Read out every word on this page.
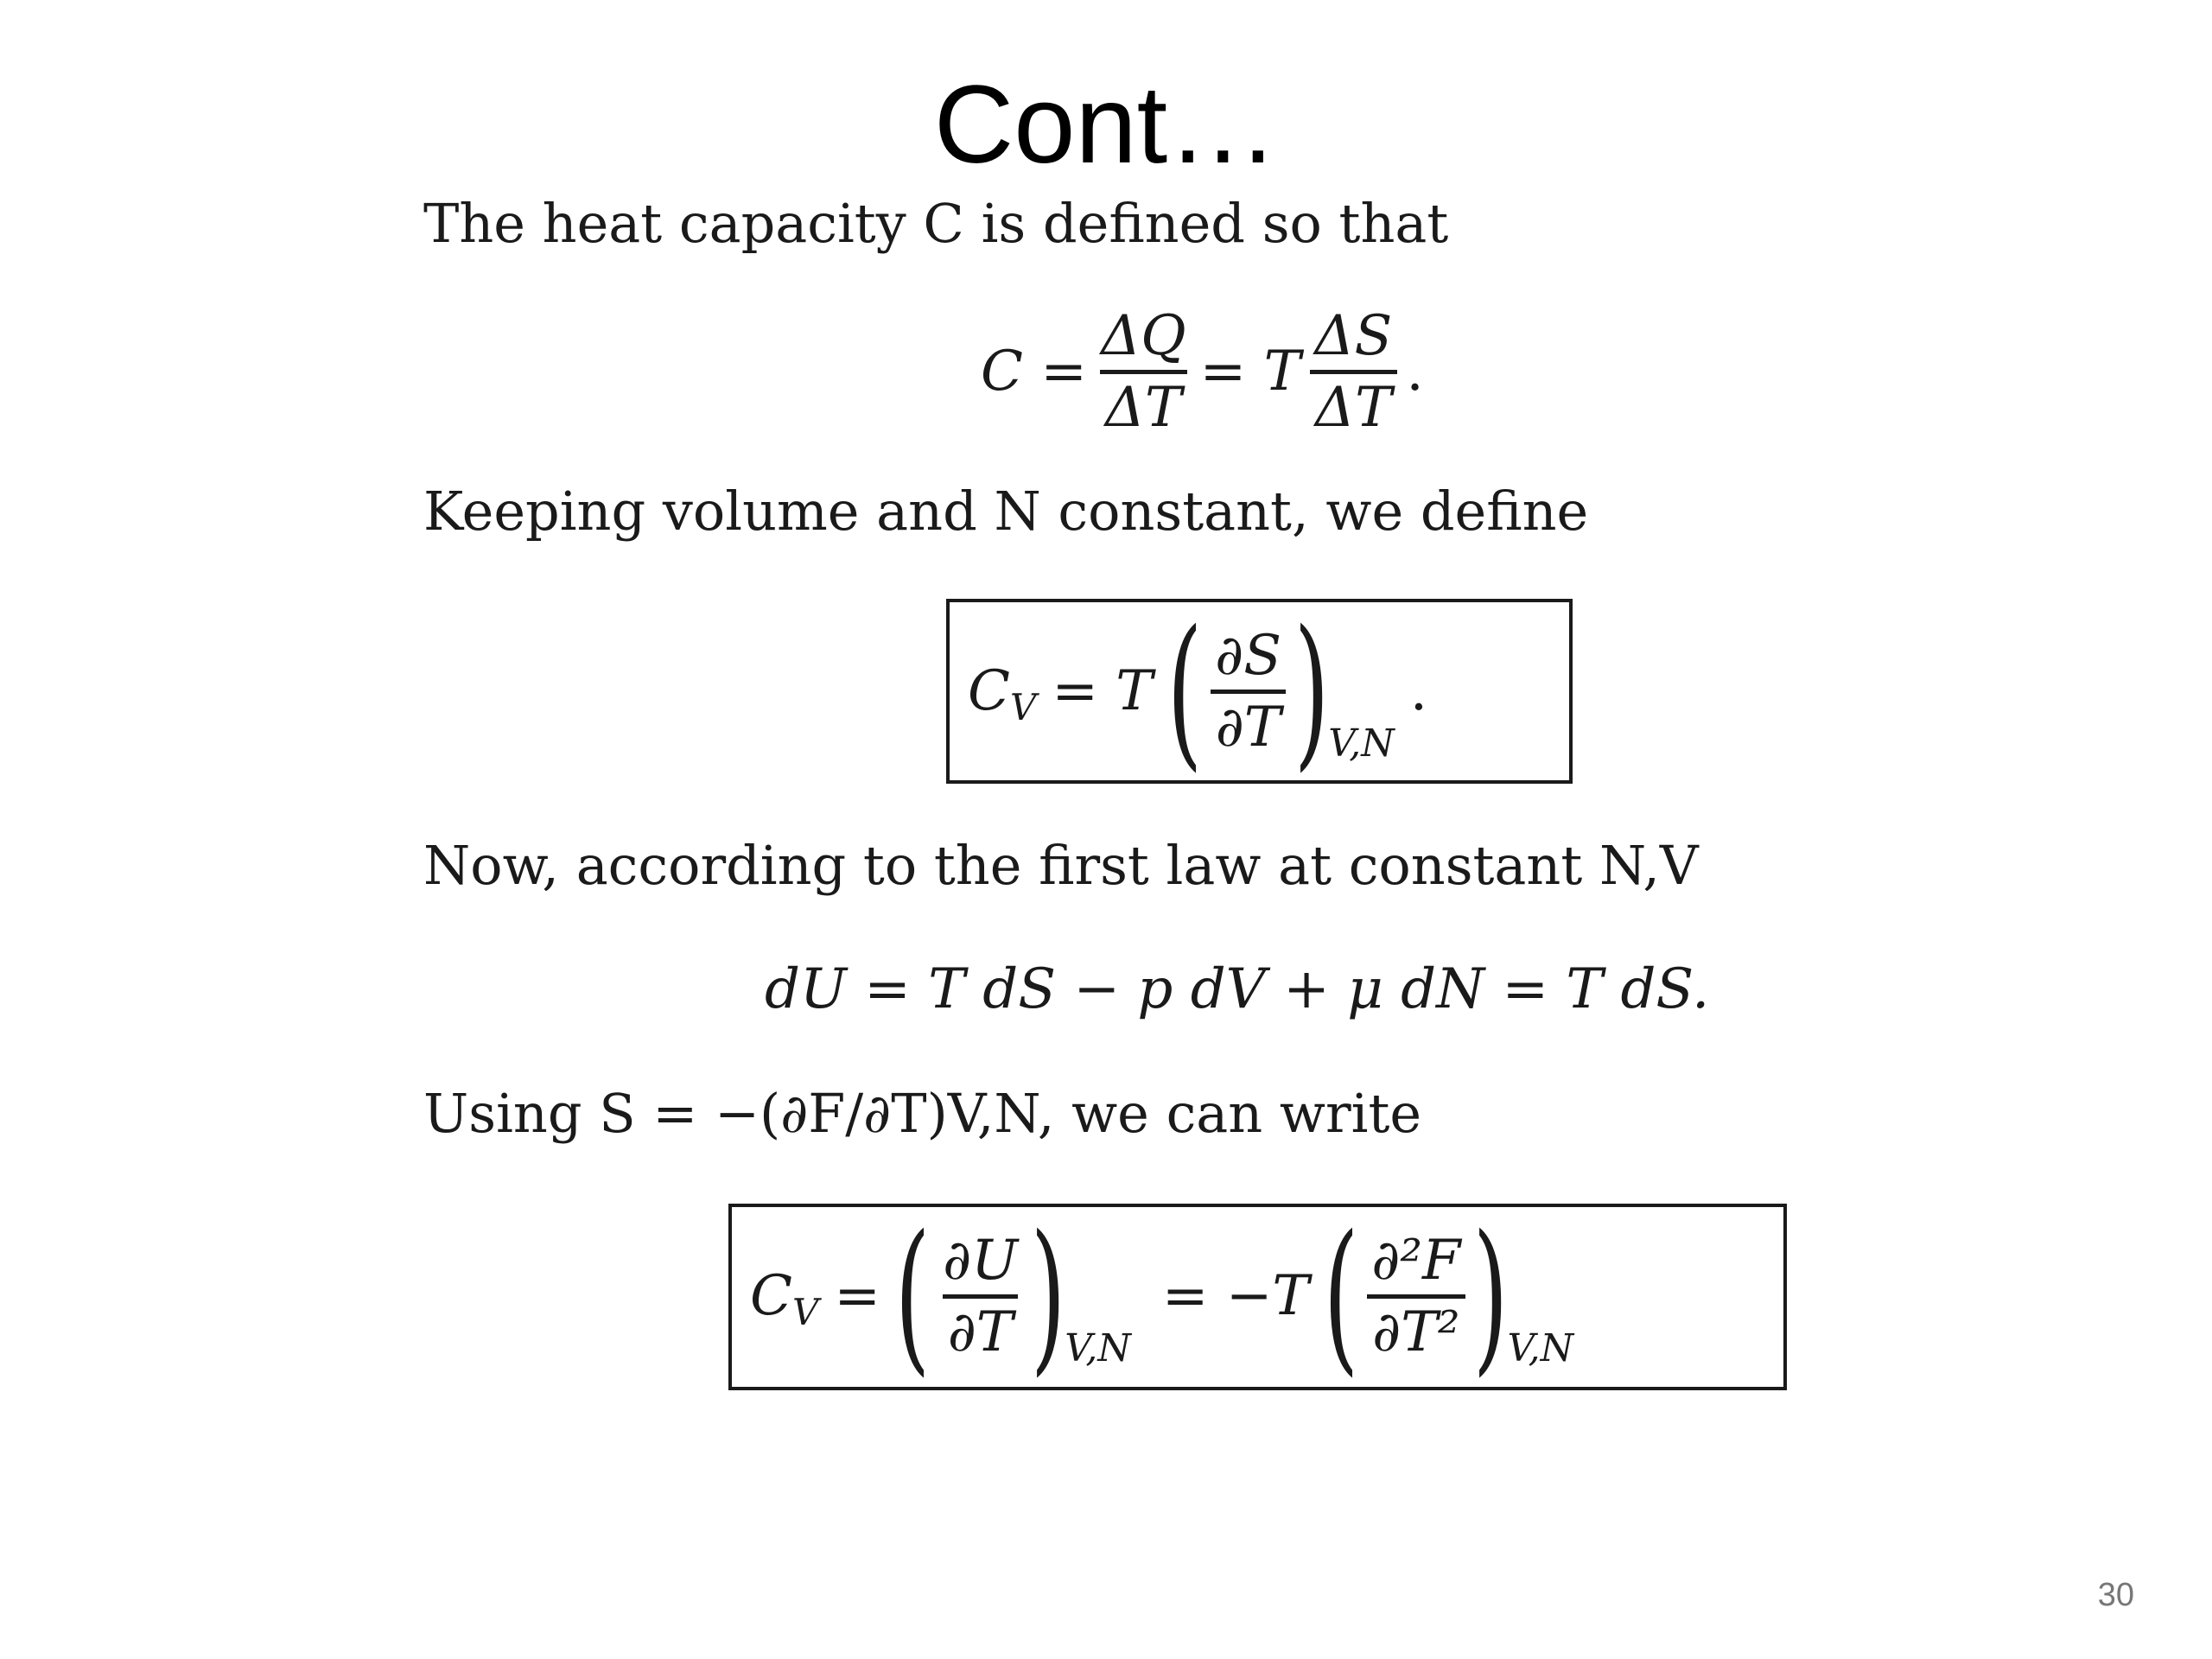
Cont…
The heat capacity C is defined so that
$C = \frac{\Delta Q}{\Delta T} = T \frac{\Delta S}{\Delta T}$ .
Keeping volume and N constant, we define
C V = T ( $\frac{\partial S}{\partial T}$ )
V,N
.
Now, according to the first law at constant N,V
dU = T dS − p dV + μ dN = T dS.
Using S = −(∂F/∂T)V,N, we can write
C V = ( $\frac{\partial U}{\partial T}$ )
V,N
= −T ( $\frac{\text{∂²F}}{\text{∂T²}}$ )
V,N
30
